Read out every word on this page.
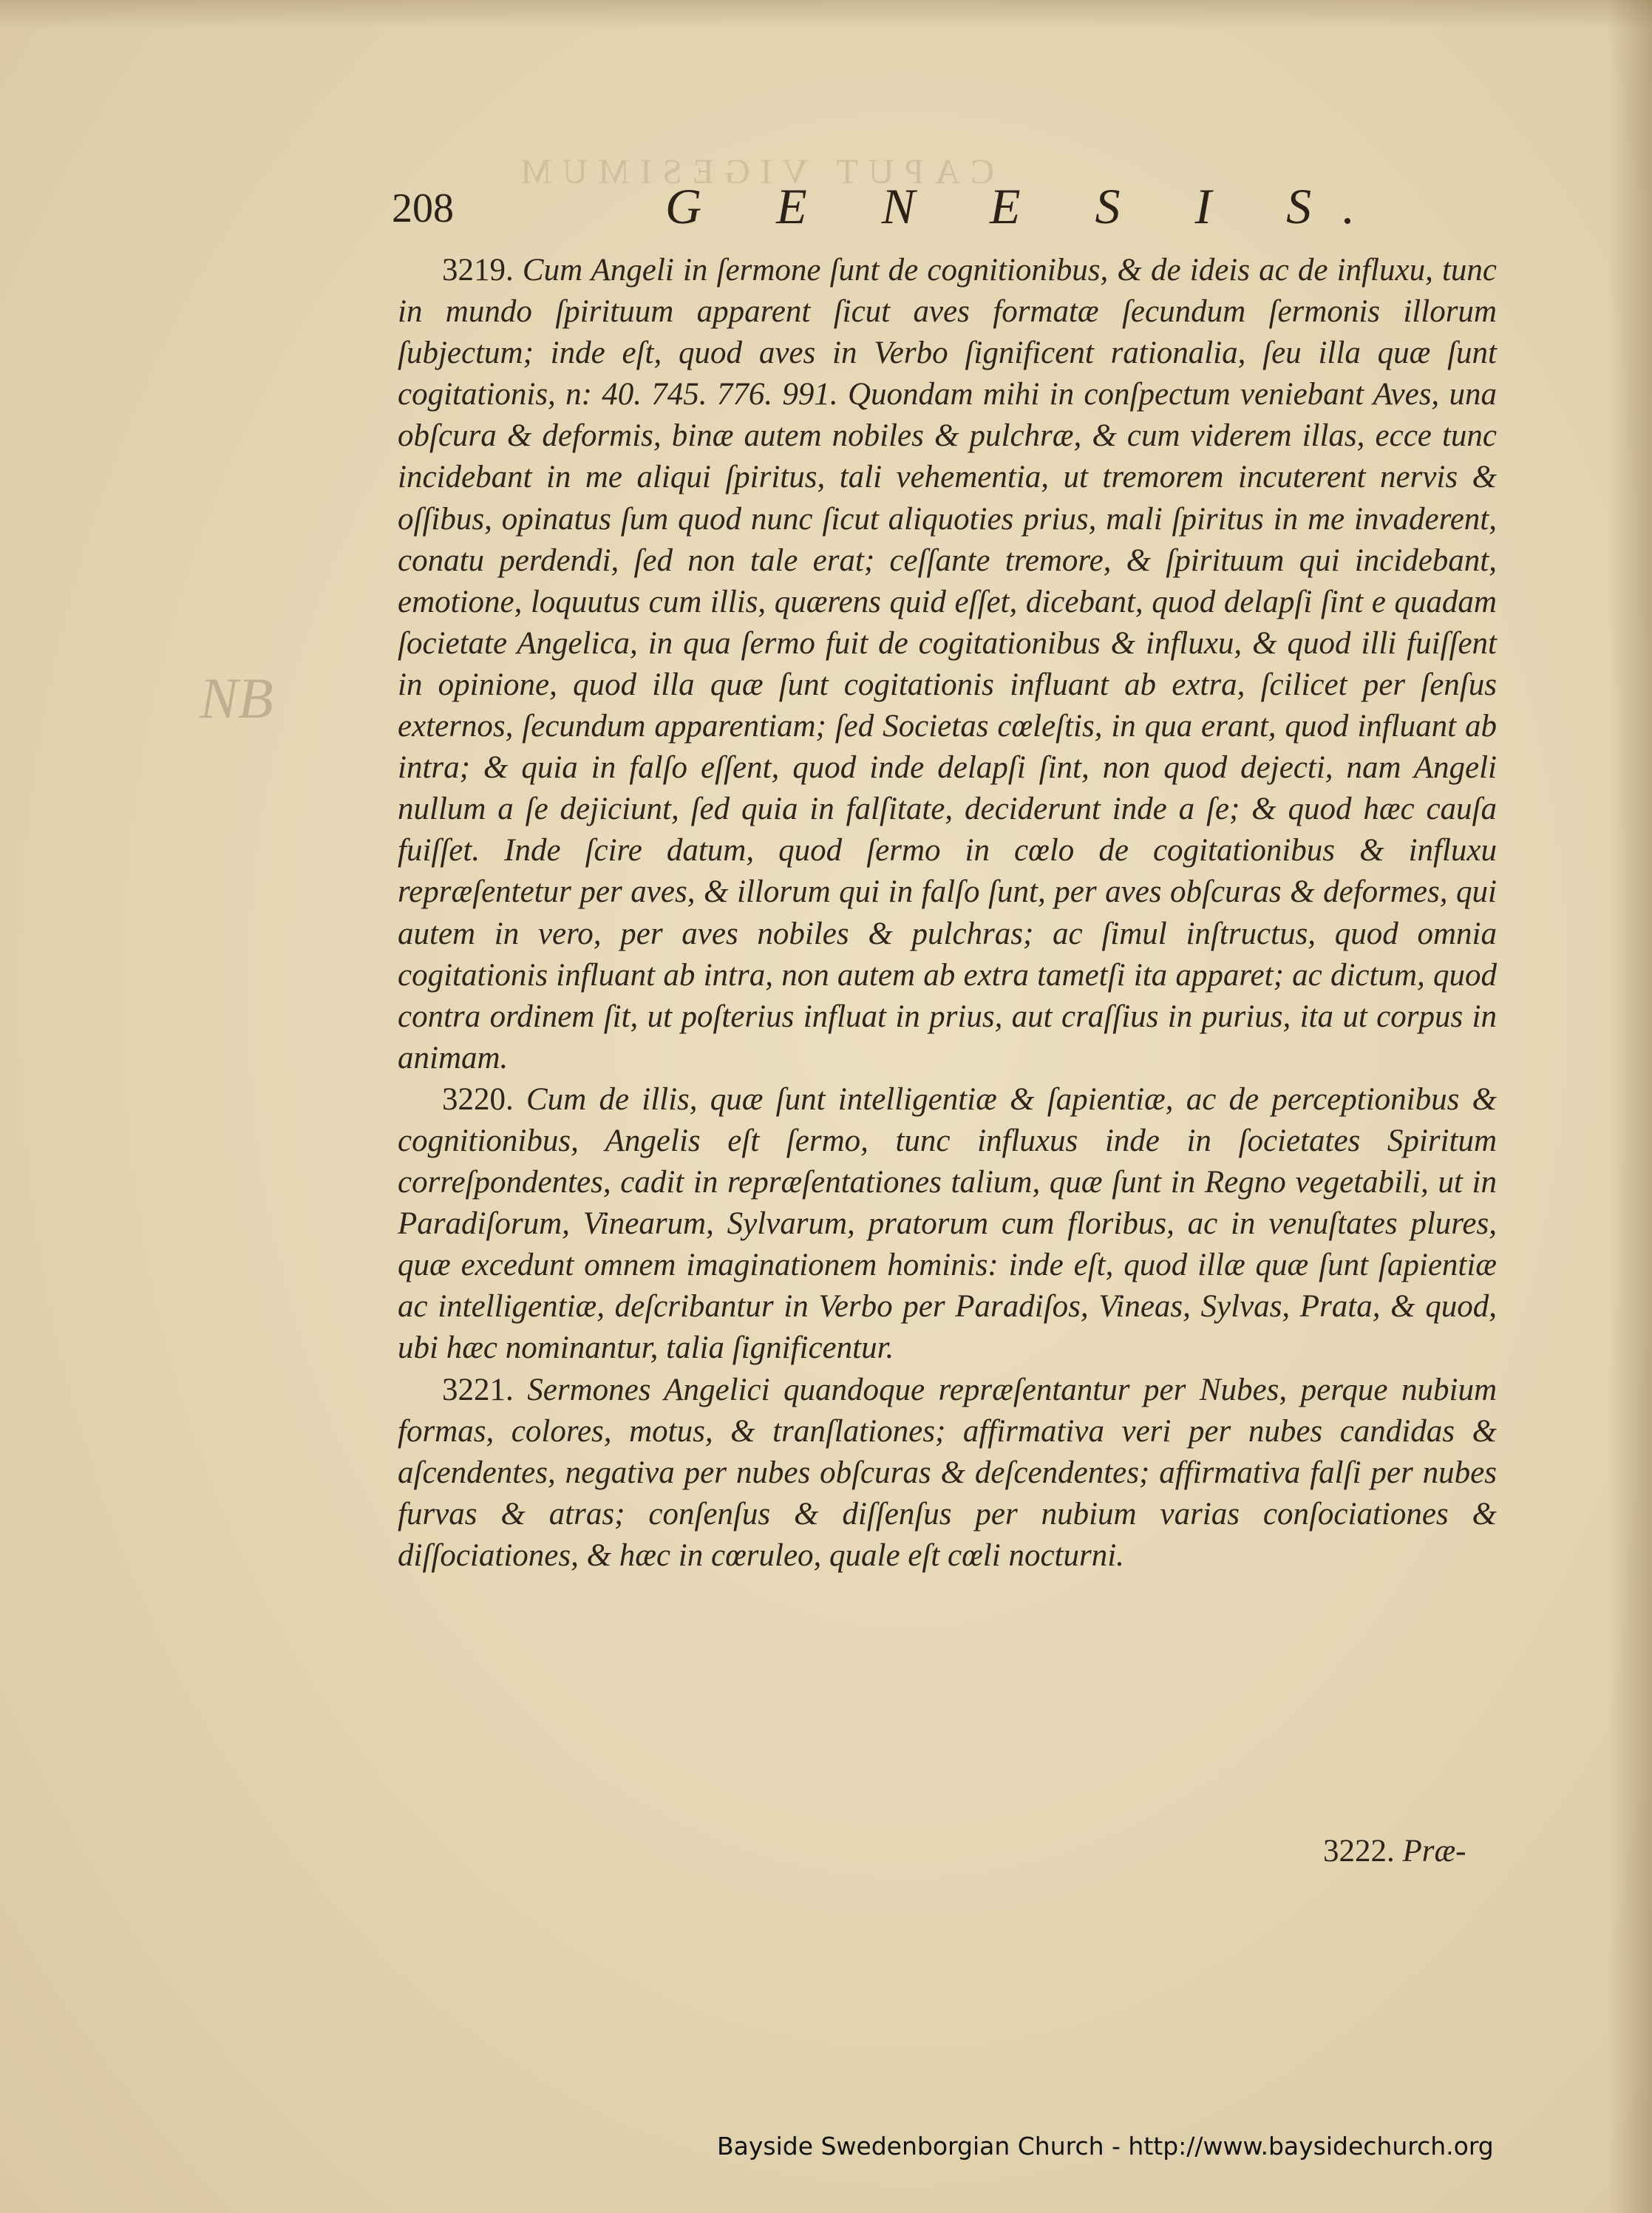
CAPUT VIGESIMUM
NB
208	G E N E S I S.

3219. Cum Angeli in ſermone ſunt de cognitionibus, & de ideis ac de influxu, tunc in mundo ſpirituum apparent ſicut aves formatæ ſecundum ſermonis illorum ſubjectum; inde eſt, quod aves in Verbo ſignificent rationalia, ſeu illa quæ ſunt cogitationis, n: 40. 745. 776. 991. Quondam mihi in conſpectum veniebant Aves, una obſcura & deformis, binæ autem nobiles & pulchræ, & cum viderem illas, ecce tunc incidebant in me aliqui ſpiritus, tali vehementia, ut tremorem incuterent nervis & oſſibus, opinatus ſum quod nunc ſicut aliquoties prius, mali ſpiritus in me invaderent, conatu perdendi, ſed non tale erat; ceſſante tremore, & ſpirituum qui incidebant, emotione, loquutus cum illis, quærens quid eſſet, dicebant, quod delapſi ſint e quadam ſocietate Angelica, in qua ſermo fuit de cogitationibus & influxu, & quod illi fuiſſent in opinione, quod illa quæ ſunt cogitationis influant ab extra, ſcilicet per ſenſus externos, ſecundum apparentiam; ſed Societas cœleſtis, in qua erant, quod influant ab intra; & quia in falſo eſſent, quod inde delapſi ſint, non quod dejecti, nam Angeli nullum a ſe dejiciunt, ſed quia in falſitate, deciderunt inde a ſe; & quod hæc cauſa fuiſſet. Inde ſcire datum, quod ſermo in cœlo de cogitationibus & influxu repræſentetur per aves, & illorum qui in falſo ſunt, per aves obſcuras & deformes, qui autem in vero, per aves nobiles & pulchras; ac ſimul inſtructus, quod omnia cogitationis influant ab intra, non autem ab extra tametſi ita apparet; ac dictum, quod contra ordinem ſit, ut poſterius influat in prius, aut craſſius in purius, ita ut corpus in animam.

3220. Cum de illis, quæ ſunt intelligentiæ & ſapientiæ, ac de perceptionibus & cognitionibus, Angelis eſt ſermo, tunc influxus inde in ſocietates Spiritum correſpondentes, cadit in repræſentationes talium, quæ ſunt in Regno vegetabili, ut in Paradiſorum, Vinearum, Sylvarum, pratorum cum floribus, ac in venuſtates plures, quæ excedunt omnem imaginationem hominis: inde eſt, quod illæ quæ ſunt ſapientiæ ac intelligentiæ, deſcribantur in Verbo per Paradiſos, Vineas, Sylvas, Prata, & quod, ubi hæc nominantur, talia ſignificentur.

3221. Sermones Angelici quandoque repræſentantur per Nubes, perque nubium formas, colores, motus, & tranſlationes; affirmativa veri per nubes candidas & aſcendentes, negativa per nubes obſcuras & deſcendentes; affirmativa falſi per nubes furvas & atras; conſenſus & diſſenſus per nubium varias conſociationes & diſſociationes, & hæc in cœruleo, quale eſt cœli nocturni.

3222. Præ-
Bayside Swedenborgian Church - http://www.baysidechurch.org
